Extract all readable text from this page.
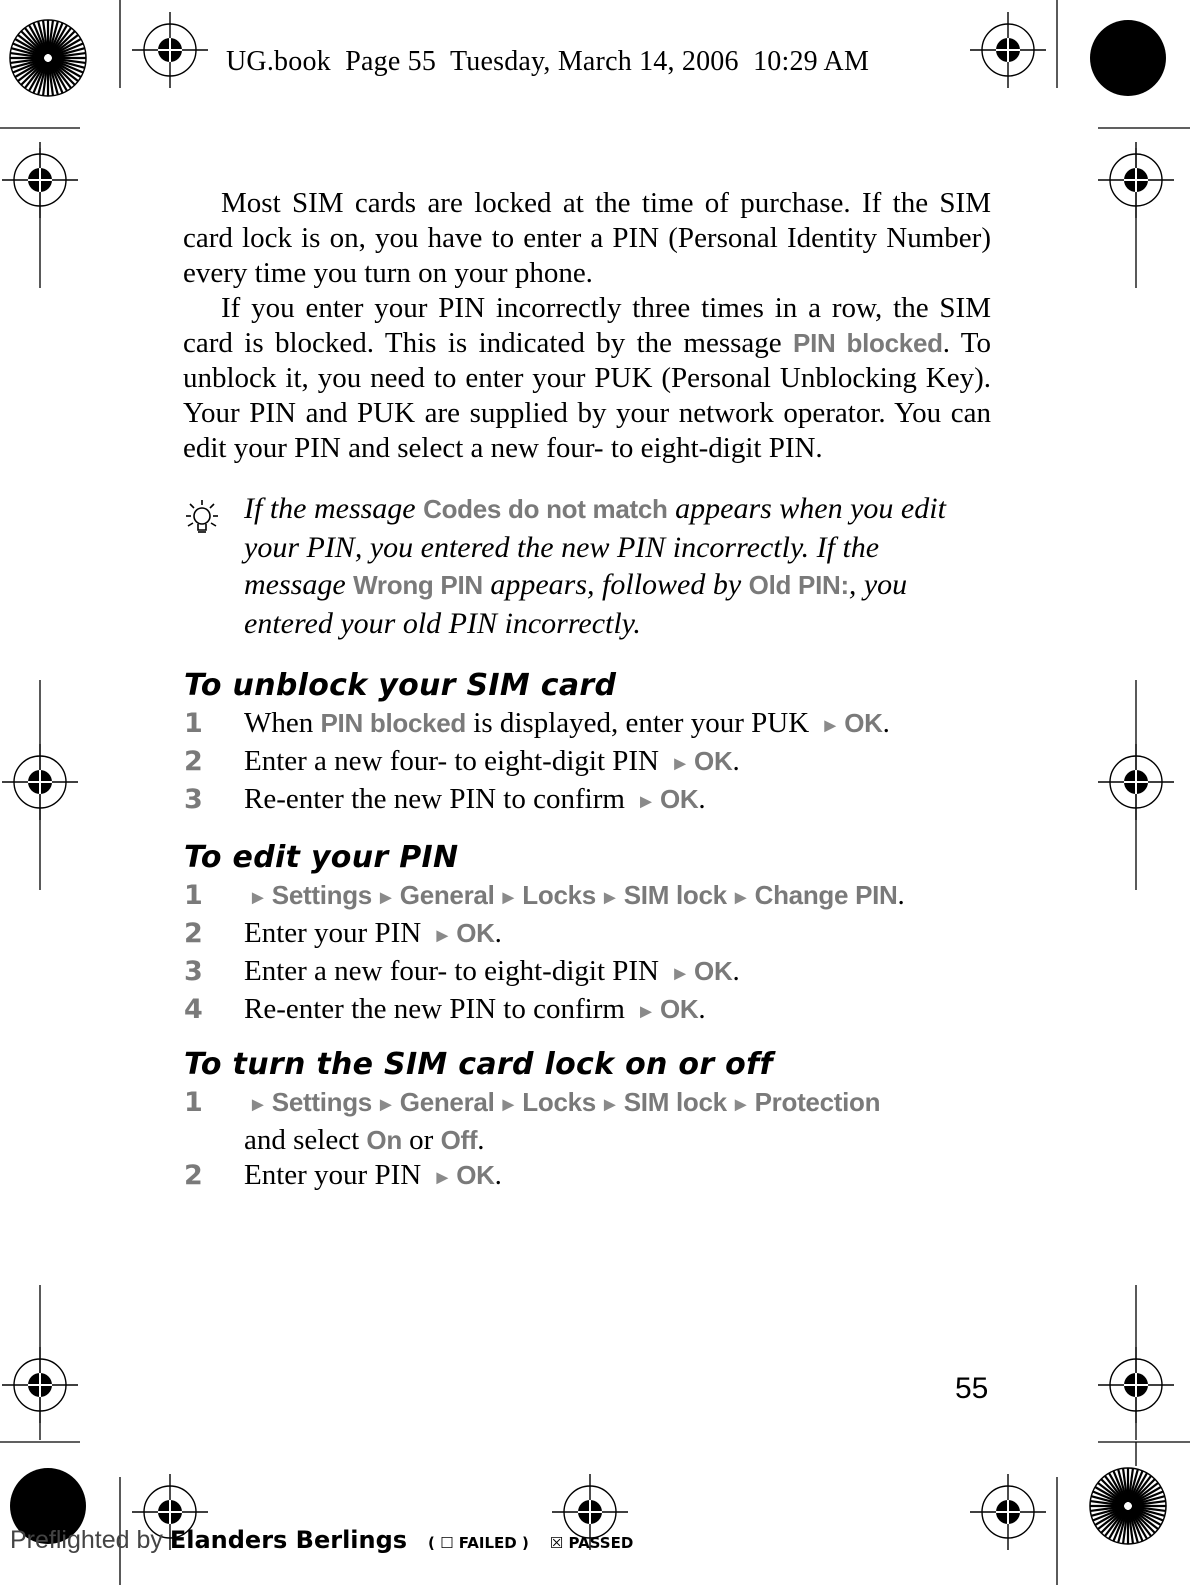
UG.book  Page 55  Tuesday, March 14, 2006  10:29 AM

Most SIM cards are locked at the time of purchase. If the SIM card lock is on, you have to enter a PIN (Personal Identity Number) every time you turn on your phone.

If you enter your PIN incorrectly three times in a row, the SIM card is blocked. This is indicated by the message PIN blocked. To unblock it, you need to enter your PUK (Personal Unblocking Key). Your PIN and PUK are supplied by your network operator. You can edit your PIN and select a new four- to eight-digit PIN.

If the message Codes do not match appears when you edit your PIN, you entered the new PIN incorrectly. If the message Wrong PIN appears, followed by Old PIN:, you entered your old PIN incorrectly.
To unblock your SIM card
1	When PIN blocked is displayed, enter your PUK ► OK.
2	Enter a new four- to eight-digit PIN ► OK.
3	Re-enter the new PIN to confirm ► OK.
To edit your PIN
1	► Settings ► General ► Locks ► SIM lock ► Change PIN.
2	Enter your PIN ► OK.
3	Enter a new four- to eight-digit PIN ► OK.
4	Re-enter the new PIN to confirm ► OK.
To turn the SIM card lock on or off
1	► Settings ► General ► Locks ► SIM lock ► Protection
and select On or Off.
2	Enter your PIN ► OK.
55
Preflighted by Elanders Berlings ( ☐ FAILED ) ☒ PASSED
